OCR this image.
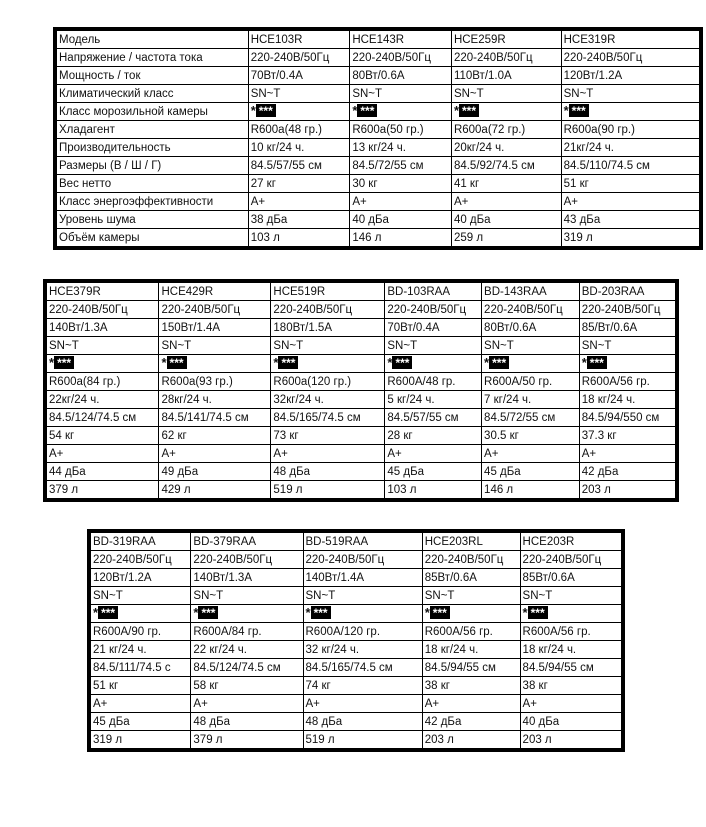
Модель	HCE103R	HCE143R	HCE259R	HCE319R
Напряжение / частота тока	220-240В/50Гц	220-240В/50Гц	220-240В/50Гц	220-240В/50Гц
Мощность / ток	70Вт/0.4А	80Вт/0.6А	110Вт/1.0А	120Вт/1.2А
Климатический класс	SN~T	SN~T	SN~T	SN~T
Класс морозильной камеры	* ***	* ***	* ***	* ***
Хладагент	R600a(48 гр.)	R600a(50 гр.)	R600a(72 гр.)	R600a(90 гр.)
Производительность	10 кг/24 ч.	13 кг/24 ч.	20кг/24 ч.	21кг/24 ч.
Размеры (В / Ш / Г)	84.5/57/55 см	84.5/72/55 см	84.5/92/74.5 см	84.5/110/74.5 см
Вес нетто	27 кг	30 кг	41 кг	51 кг
Класс энергоэффективности	A+	A+	A+	A+
Уровень шума	38 дБа	40 дБа	40 дБа	43 дБа
Объём камеры	103 л	146 л	259 л	319 л
HCE379R	HCE429R	HCE519R	BD-103RAA	BD-143RAA	BD-203RAA
220-240В/50Гц	220-240В/50Гц	220-240В/50Гц	220-240В/50Гц	220-240В/50Гц	220-240В/50Гц
140Вт/1.3А	150Вт/1.4А	180Вт/1.5А	70Вт/0.4А	80Вт/0.6А	85/Вт/0.6А
SN~T	SN~T	SN~T	SN~T	SN~T	SN~T
* ***	* ***	* ***	* ***	* ***	* ***
R600a(84 гр.)	R600a(93 гр.)	R600a(120 гр.)	R600A/48 гр.	R600A/50 гр.	R600A/56 гр.
22кг/24 ч.	28кг/24 ч.	32кг/24 ч.	5 кг/24 ч.	7 кг/24 ч.	18 кг/24 ч.
84.5/124/74.5 см	84.5/141/74.5 см	84.5/165/74.5 см	84.5/57/55 см	84.5/72/55 см	84.5/94/550 см
54 кг	62 кг	73 кг	28 кг	30.5 кг	37.3 кг
A+	A+	A+	A+	A+	A+
44 дБа	49 дБа	48 дБа	45 дБа	45 дБа	42 дБа
379 л	429 л	519 л	103 л	146 л	203 л
BD-319RAA	BD-379RAA	BD-519RAA	HCE203RL	HCE203R
220-240В/50Гц	220-240В/50Гц	220-240В/50Гц	220-240В/50Гц	220-240В/50Гц
120Вт/1.2А	140Вт/1.3А	140Вт/1.4А	85Вт/0.6А	85Вт/0.6А
SN~T	SN~T	SN~T	SN~T	SN~T
* ***	* ***	* ***	* ***	* ***
R600A/90 гр.	R600A/84 гр.	R600A/120 гр.	R600A/56 гр.	R600A/56 гр.
21 кг/24 ч.	22 кг/24 ч.	32 кг/24 ч.	18 кг/24 ч.	18 кг/24 ч.
84.5/111/74.5 с	84.5/124/74.5 см	84.5/165/74.5 см	84.5/94/55 см	84.5/94/55 см
51 кг	58 кг	74 кг	38 кг	38 кг
A+	A+	A+	A+	A+
45 дБа	48 дБа	48 дБа	42 дБа	40 дБа
319 л	379 л	519 л	203 л	203 л
